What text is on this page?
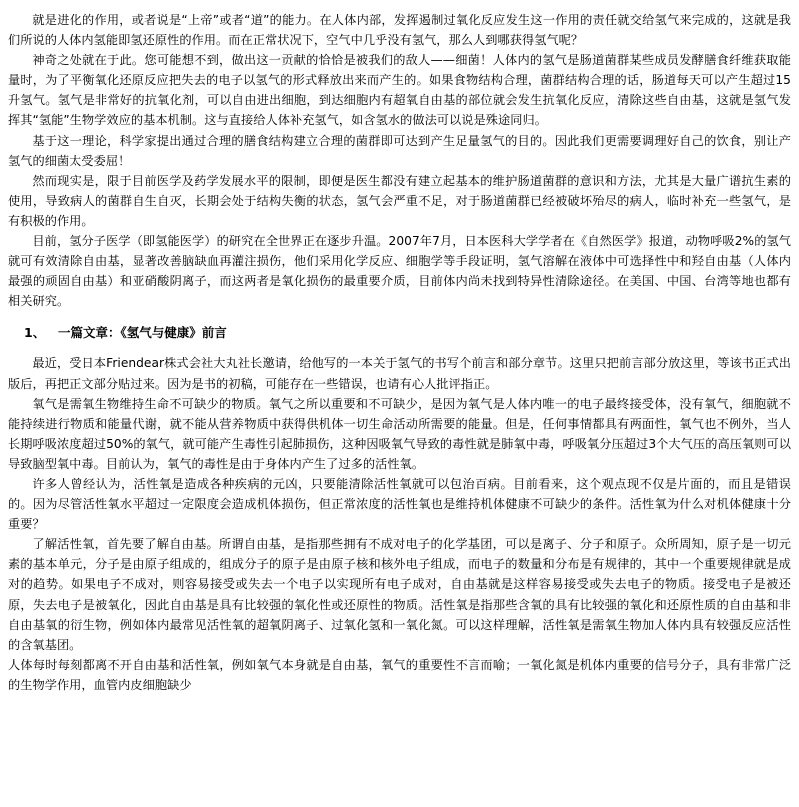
就是进化的作用，或者说是“上帝”或者“道”的能力。在人体内部，发挥遏制过氧化反应发生这一作用的责任就交给氢气来完成的，这就是我们所说的人体内氢能即氢还原性的作用。而在正常状况下，空气中几乎没有氢气，那么人到哪获得氢气呢？

神奇之处就在于此。您可能想不到，做出这一贡献的恰恰是被我们的敌人——细菌！人体内的氢气是肠道菌群某些成员发酵膳食纤维获取能量时，为了平衡氧化还原反应把失去的电子以氢气的形式释放出来而产生的。如果食物结构合理，菌群结构合理的话，肠道每天可以产生超过15升氢气。氢气是非常好的抗氧化剂，可以自由进出细胞，到达细胞内有超氧自由基的部位就会发生抗氧化反应，清除这些自由基，这就是氢气发挥其“氢能”生物学效应的基本机制。这与直接给人体补充氢气，如含氢水的做法可以说是殊途同归。

基于这一理论，科学家提出通过合理的膳食结构建立合理的菌群即可达到产生足量氢气的目的。因此我们更需要调理好自己的饮食，别让产氢气的细菌太受委屈！

然而现实是，限于目前医学及药学发展水平的限制，即便是医生都没有建立起基本的维护肠道菌群的意识和方法，尤其是大量广谱抗生素的使用，导致病人的菌群自生自灭，长期会处于结构失衡的状态，氢气会严重不足，对于肠道菌群已经被破坏殆尽的病人，临时补充一些氢气，是有积极的作用。

目前，氢分子医学（即氢能医学）的研究在全世界正在逐步升温。2007年7月，日本医科大学学者在《自然医学》报道，动物呼吸2%的氢气就可有效清除自由基，显著改善脑缺血再灌注损伤，他们采用化学反应、细胞学等手段证明，氢气溶解在液体中可选择性中和羟自由基（人体内最强的顽固自由基）和亚硝酸阴离子，而这两者是氧化损伤的最重要介质，目前体内尚未找到特异性清除途径。在美国、中国、台湾等地也都有相关研究。

1、 一篇文章：《氢气与健康》前言

最近，受日本Friendear株式会社大丸社长邀请，给他写的一本关于氢气的书写个前言和部分章节。这里只把前言部分放这里，等该书正式出版后，再把正文部分贴过来。因为是书的初稿，可能存在一些错误，也请有心人批评指正。

氧气是需氧生物维持生命不可缺少的物质。氧气之所以重要和不可缺少，是因为氧气是人体内唯一的电子最终接受体，没有氧气，细胞就不能持续进行物质和能量代谢，就不能从营养物质中获得供机体一切生命活动所需要的能量。但是，任何事情都具有两面性，氧气也不例外，当人长期呼吸浓度超过50%的氧气，就可能产生毒性引起肺损伤，这种因吸氧气导致的毒性就是肺氧中毒，呼吸氧分压超过3个大气压的高压氧则可以导致脑型氧中毒。目前认为，氧气的毒性是由于身体内产生了过多的活性氧。

许多人曾经认为，活性氧是造成各种疾病的元凶，只要能清除活性氧就可以包治百病。目前看来，这个观点现不仅是片面的，而且是错误的。因为尽管活性氧水平超过一定限度会造成机体损伤，但正常浓度的活性氧也是维持机体健康不可缺少的条件。活性氧为什么对机体健康十分重要？

了解活性氧，首先要了解自由基。所谓自由基，是指那些拥有不成对电子的化学基团，可以是离子、分子和原子。众所周知，原子是一切元素的基本单元，分子是由原子组成的，组成分子的原子是由原子核和核外电子组成，而电子的数量和分布是有规律的，其中一个重要规律就是成对的趋势。如果电子不成对，则容易接受或失去一个电子以实现所有电子成对，自由基就是这样容易接受或失去电子的物质。接受电子是被还原，失去电子是被氧化，因此自由基是具有比较强的氧化性或还原性的物质。活性氧是指那些含氧的具有比较强的氧化和还原性质的自由基和非自由基氧的衍生物，例如体内最常见活性氧的超氧阴离子、过氧化氢和一氧化氮。可以这样理解，活性氧是需氧生物加人体内具有较强反应活性的含氧基团。

人体每时每刻都离不开自由基和活性氧，例如氧气本身就是自由基，氧气的重要性不言而喻；一氧化氮是机体内重要的信号分子，具有非常广泛的生物学作用，血管内皮细胞缺少
